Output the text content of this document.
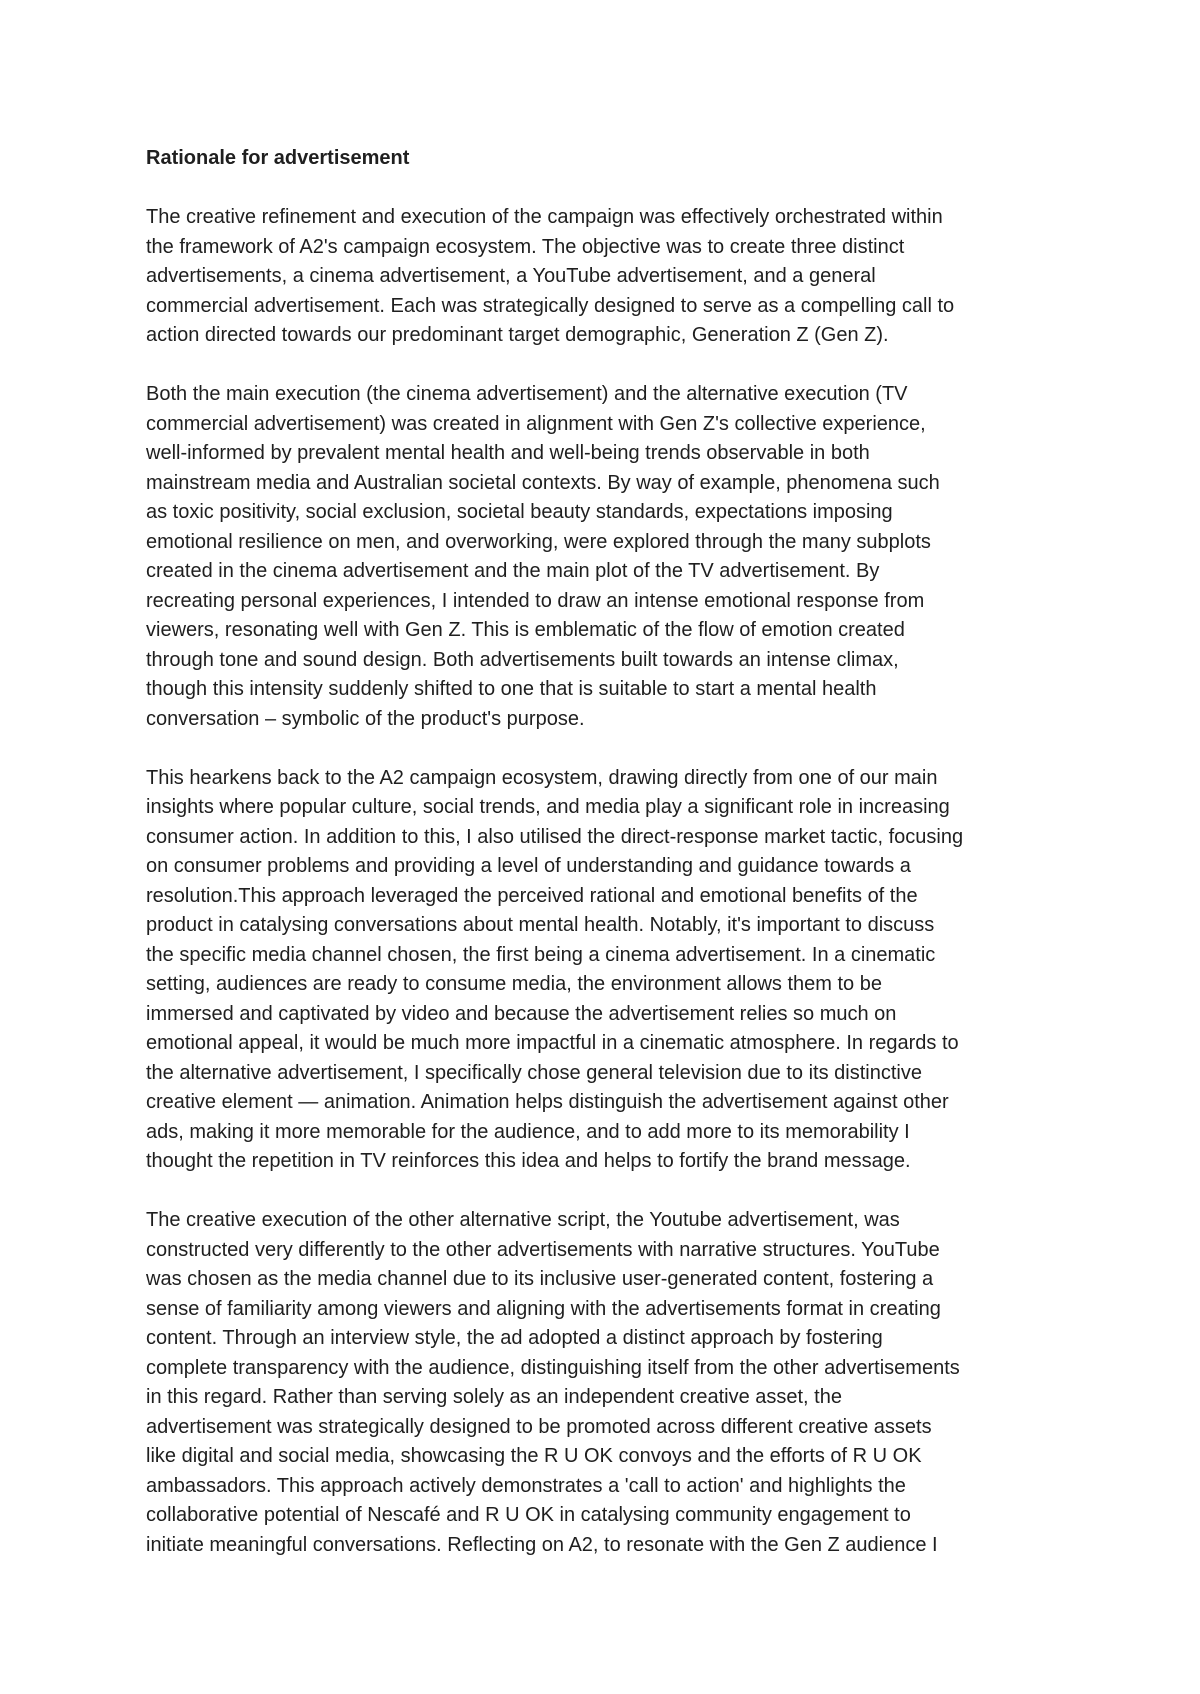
Rationale for advertisement
The creative refinement and execution of the campaign was effectively orchestrated within
the framework of A2's campaign ecosystem. The objective was to create three distinct
advertisements, a cinema advertisement, a YouTube advertisement, and a general
commercial advertisement. Each was strategically designed to serve as a compelling call to
action directed towards our predominant target demographic, Generation Z (Gen Z).
Both the main execution (the cinema advertisement) and the alternative execution (TV
commercial advertisement) was created in alignment with Gen Z's collective experience,
well-informed by prevalent mental health and well-being trends observable in both
mainstream media and Australian societal contexts. By way of example, phenomena such
as toxic positivity, social exclusion, societal beauty standards, expectations imposing
emotional resilience on men, and overworking, were explored through the many subplots
created in the cinema advertisement and the main plot of the TV advertisement. By
recreating personal experiences, I intended to draw an intense emotional response from
viewers, resonating well with Gen Z. This is emblematic of the flow of emotion created
through tone and sound design. Both advertisements built towards an intense climax,
though this intensity suddenly shifted to one that is suitable to start a mental health
conversation – symbolic of the product's purpose.
This hearkens back to the A2 campaign ecosystem, drawing directly from one of our main
insights where popular culture, social trends, and media play a significant role in increasing
consumer action. In addition to this, I also utilised the direct-response market tactic, focusing
on consumer problems and providing a level of understanding and guidance towards a
resolution.This approach leveraged the perceived rational and emotional benefits of the
product in catalysing conversations about mental health. Notably, it's important to discuss
the specific media channel chosen, the first being a cinema advertisement. In a cinematic
setting, audiences are ready to consume media, the environment allows them to be
immersed and captivated by video and because the advertisement relies so much on
emotional appeal, it would be much more impactful in a cinematic atmosphere. In regards to
the alternative advertisement, I specifically chose general television due to its distinctive
creative element — animation. Animation helps distinguish the advertisement against other
ads, making it more memorable for the audience, and to add more to its memorability I
thought the repetition in TV reinforces this idea and helps to fortify the brand message.
The creative execution of the other alternative script, the Youtube advertisement, was
constructed very differently to the other advertisements with narrative structures. YouTube
was chosen as the media channel due to its inclusive user-generated content, fostering a
sense of familiarity among viewers and aligning with the advertisements format in creating
content. Through an interview style, the ad adopted a distinct approach by fostering
complete transparency with the audience, distinguishing itself from the other advertisements
in this regard. Rather than serving solely as an independent creative asset, the
advertisement was strategically designed to be promoted across different creative assets
like digital and social media, showcasing the R U OK convoys and the efforts of R U OK
ambassadors. This approach actively demonstrates a 'call to action' and highlights the
collaborative potential of Nescafé and R U OK in catalysing community engagement to
initiate meaningful conversations. Reflecting on A2, to resonate with the Gen Z audience I
